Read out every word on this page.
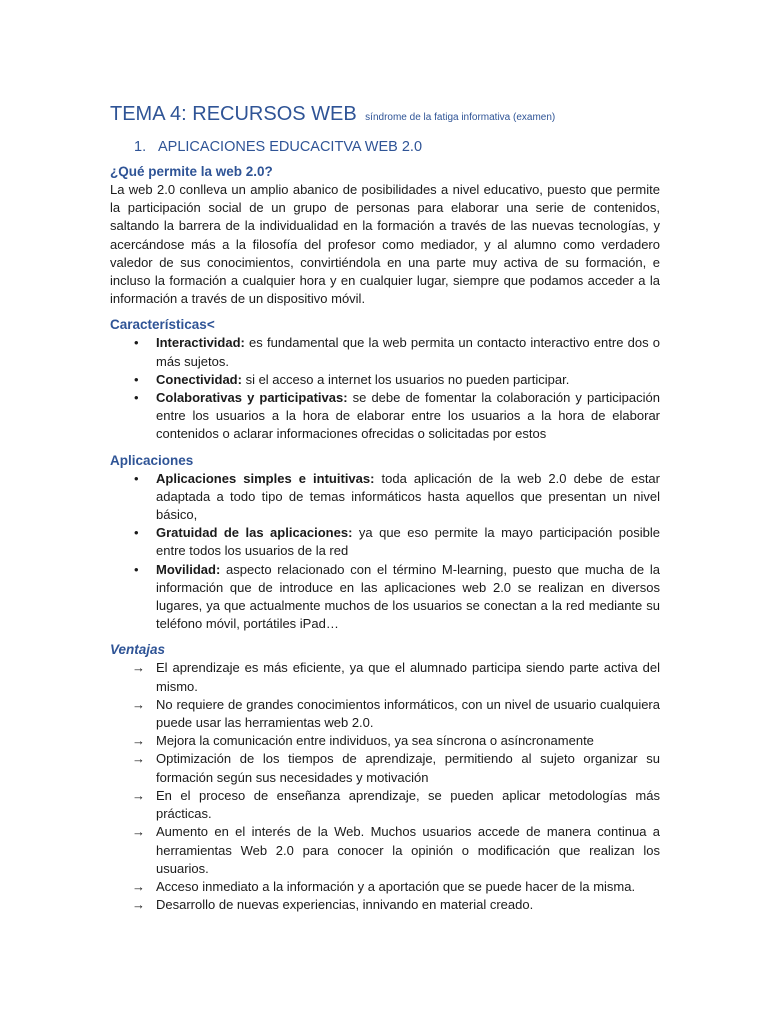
TEMA 4: RECURSOS WEB síndrome de la fatiga informativa (examen)
1. APLICACIONES EDUCACITVA WEB 2.0
¿Qué permite la web 2.0?

La web 2.0 conlleva un amplio abanico de posibilidades a nivel educativo, puesto que permite la participación social de un grupo de personas para elaborar una serie de contenidos, saltando la barrera de la individualidad en la formación a través de las nuevas tecnologías, y acercándose más a la filosofía del profesor como mediador, y al alumno como verdadero valedor de sus conocimientos, convirtiéndola en una parte muy activa de su formación, e incluso la formación a cualquier hora y en cualquier lugar, siempre que podamos acceder a la información a través de un dispositivo móvil.

Características<
•	Interactividad: es fundamental que la web permita un contacto interactivo entre dos o más sujetos.
•	Conectividad: si el acceso a internet los usuarios no pueden participar.
•	Colaborativas y participativas: se debe de fomentar la colaboración y participación entre los usuarios a la hora de elaborar entre los usuarios a la hora de elaborar contenidos o aclarar informaciones ofrecidas o solicitadas por estos
Aplicaciones
•	Aplicaciones simples e intuitivas: toda aplicación de la web 2.0 debe de estar adaptada a todo tipo de temas informáticos hasta aquellos que presentan un nivel básico,
•	Gratuidad de las aplicaciones: ya que eso permite la mayo participación posible entre todos los usuarios de la red
•	Movilidad: aspecto relacionado con el término M-learning, puesto que mucha de la información que de introduce en las aplicaciones web 2.0 se realizan en diversos lugares, ya que actualmente muchos de los usuarios se conectan a la red mediante su teléfono móvil, portátiles iPad…
Ventajas
→ El aprendizaje es más eficiente, ya que el alumnado participa siendo parte activa del mismo.
→ No requiere de grandes conocimientos informáticos, con un nivel de usuario cualquiera puede usar las herramientas web 2.0.
→ Mejora la comunicación entre individuos, ya sea síncrona o asíncronamente
→ Optimización de los tiempos de aprendizaje, permitiendo al sujeto organizar su formación según sus necesidades y motivación
→ En el proceso de enseñanza aprendizaje, se pueden aplicar metodologías más prácticas.
→ Aumento en el interés de la Web. Muchos usuarios accede de manera continua a herramientas Web 2.0 para conocer la opinión o modificación que realizan los usuarios.
→ Acceso inmediato a la información y a aportación que se puede hacer de la misma.
→ Desarrollo de nuevas experiencias, innivando en material creado.
